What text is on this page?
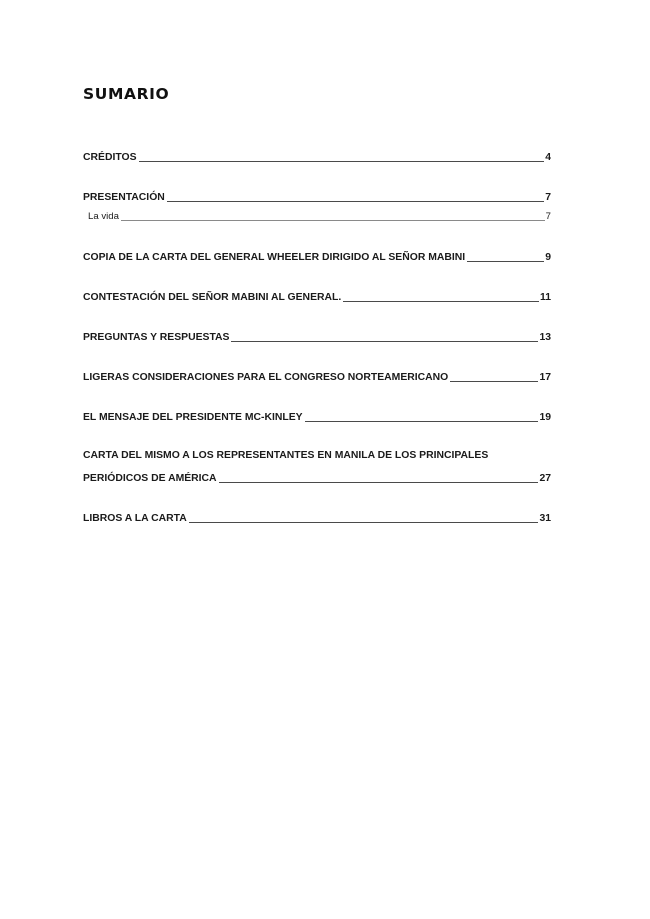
SUMARIO
CRÉDITOS	4
PRESENTACIÓN	7
La vida	7
COPIA DE LA CARTA DEL GENERAL WHEELER DIRIGIDO AL SEÑOR MABINI	9
CONTESTACIÓN DEL SEÑOR MABINI AL GENERAL.	11
PREGUNTAS Y RESPUESTAS	13
LIGERAS CONSIDERACIONES PARA EL CONGRESO NORTEAMERICANO	17
EL MENSAJE DEL PRESIDENTE MC-KINLEY	19
CARTA DEL MISMO A LOS REPRESENTANTES EN MANILA DE LOS PRINCIPALES
PERIÓDICOS DE AMÉRICA	27
LIBROS A LA CARTA	31
